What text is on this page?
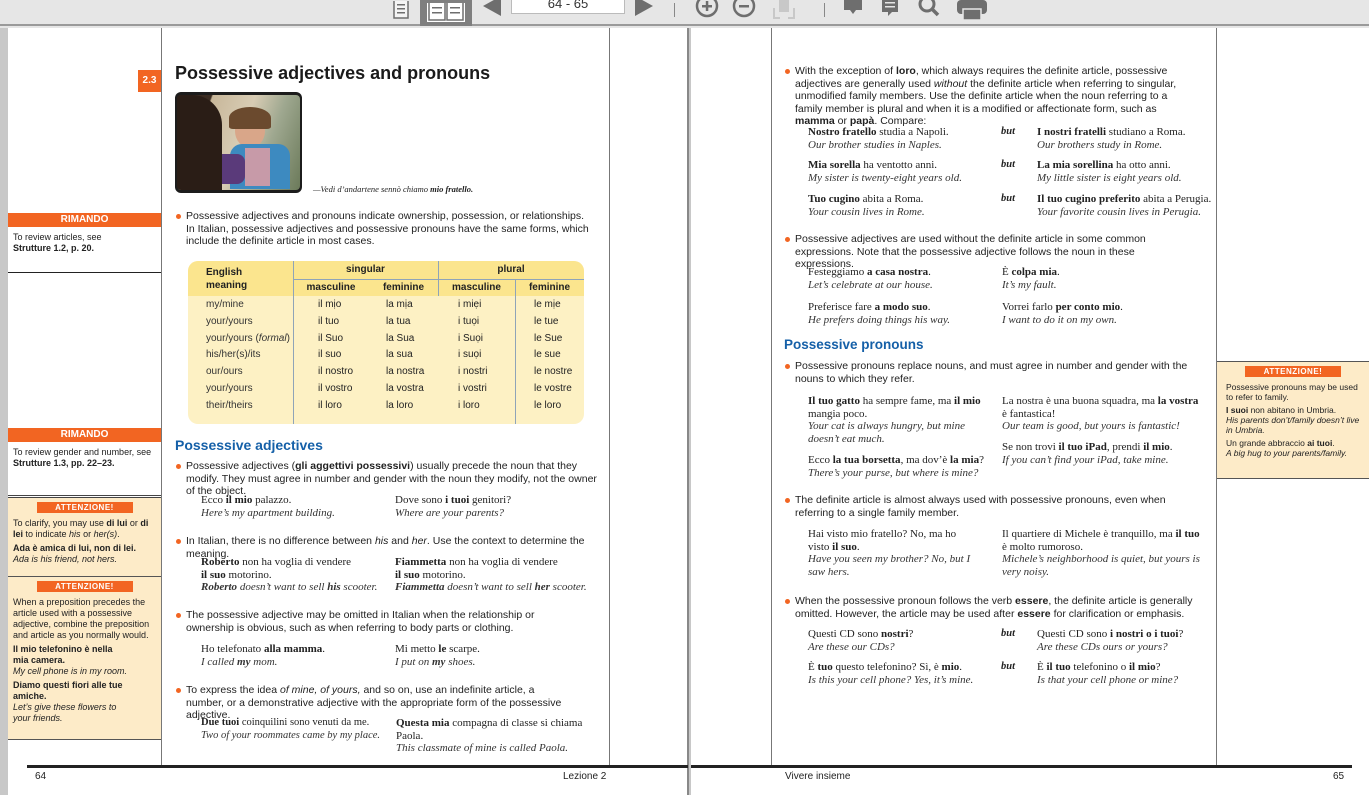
64 - 65
2.3 Possessive adjectives and pronouns
—Vedi d’andartene sennò chiamo mio fratello.
RIMANDO
To review articles, see
Strutture 1.2, p. 20.
RIMANDO
To review gender and number, see
Strutture 1.3, pp. 22–23.
ATTENZIONE!
To clarify, you may use di lui or di lei to indicate his or her(s).
Ada è amica di lui, non di lei.
Ada is his friend, not hers.
ATTENZIONE!
When a preposition precedes the article used with a possessive adjective, combine the preposition and article as you normally would.
Il mio telefonino è nella mia camera.
My cell phone is in my room.
Diamo questi fiori alle tue amiche.
Let’s give these flowers to your friends.
Possessive adjectives and pronouns indicate ownership, possession, or relationships. In Italian, possessive adjectives and possessive pronouns have the same forms, which include the definite article in most cases.
English meaning
singular	plural
masculine	feminine	masculine	feminine
my/mine	il mịo	la mịa	i miẹi	le mịe
your/yours	il tuo	la tua	i tuọi	le tue
your/yours (formal)	il Suo	la Sua	i Suọi	le Sue
his/her(s)/its	il suo	la sua	i suọi	le sue
our/ours	il nostro	la nostra	i nostri	le nostre
your/yours	il vostro	la vostra	i vostri	le vostre
their/theirs	il loro	la loro	i loro	le loro
Possessive adjectives
Possessive adjectives (gli aggettivi possessivi) usually precede the noun that they modify. They must agree in number and gender with the noun they modify, not the owner of the object.
Ecco il mio palazzo.
Here’s my apartment building.
Dove sono i tuoi genitori?
Where are your parents?
In Italian, there is no difference between his and her. Use the context to determine the meaning.
Roberto non ha voglia di vendere
il suo motorino.
Roberto doesn’t want to sell his scooter.
Fiammetta non ha voglia di vendere
il suo motorino.
Fiammetta doesn’t want to sell her scooter.
The possessive adjective may be omitted in Italian when the relationship or ownership is obvious, such as when referring to body parts or clothing.
Ho telefonato alla mamma.
I called my mom.
Mi metto le scarpe.
I put on my shoes.
To express the idea of mine, of yours, and so on, use an indefinite article, a number, or a demonstrative adjective with the appropriate form of the possessive adjective.
Due tuoi coinquilini sono venuti da me.
Two of your roommates came by my place.
Questa mia compagna di classe si chiama Paola.
This classmate of mine is called Paola.
64	Lezione 2
With the exception of loro, which always requires the definite article, possessive adjectives are generally used without the definite article when referring to singular, unmodified family members. Use the definite article when the noun referring to a family member is plural and when it is a modified or affectionate form, such as mamma or papà. Compare:
Possessive adjectives are used without the definite article in some common expressions. Note that the possessive adjective follows the noun in these expressions.
Possessive pronouns
Possessive pronouns replace nouns, and must agree in number and gender with the nouns to which they refer.
Il tuo gatto ha sempre fame, ma il mio mangia poco.
Your cat is always hungry, but mine doesn’t eat much.
Ecco la tua borsetta, ma dov’è la mia?
There’s your purse, but where is mine?
La nostra è una buona squadra, ma la vostra è fantastica!
Our team is good, but yours is fantastic!
Se non trovi il tuo iPad, prendi il mio.
If you can’t find your iPad, take mine.
The definite article is almost always used with possessive pronouns, even when referring to a single family member.
Hai visto mio fratello? No, ma ho visto il suo.
Have you seen my brother? No, but I saw hers.
Il quartiere di Michele è tranquillo, ma il tuo è molto rumoroso.
Michele’s neighborhood is quiet, but yours is very noisy.
When the possessive pronoun follows the verb essere, the definite article is generally omitted. However, the article may be used after essere for clarification or emphasis.
ATTENZIONE!
Possessive pronouns may be used to refer to family.
I suoi non abitano in Umbria.
His parents don’t/family doesn’t live in Umbria.
Un grande abbraccio ai tuoi.
A big hug to your parents/family.
Vivere insieme	65
Nostro fratello studia a Napoli.
Our brother studies in Naples.
but I nostri fratelli studiano a Roma.
Our brothers study in Rome.
Mia sorella ha ventotto anni.
My sister is twenty-eight years old.
but La mia sorellina ha otto anni.
My little sister is eight years old.
Tuo cugino abita a Roma.
Your cousin lives in Rome.
but Il tuo cugino preferito abita a Perugia.
Your favorite cousin lives in Perugia.
Festeggiamo a casa nostra.
Let’s celebrate at our house.
È colpa mia.
It’s my fault.
Preferisce fare a modo suo.
He prefers doing things his way.
Vorrei farlo per conto mio.
I want to do it on my own.
Questi CD sono nostri?
Are these our CDs?
but Questi CD sono i nostri o i tuoi?
Are these CDs ours or yours?
È tuo questo telefonino? Sì, è mio.
Is this your cell phone? Yes, it’s mine.
but È il tuo telefonino o il mio?
Is that your cell phone or mine?
